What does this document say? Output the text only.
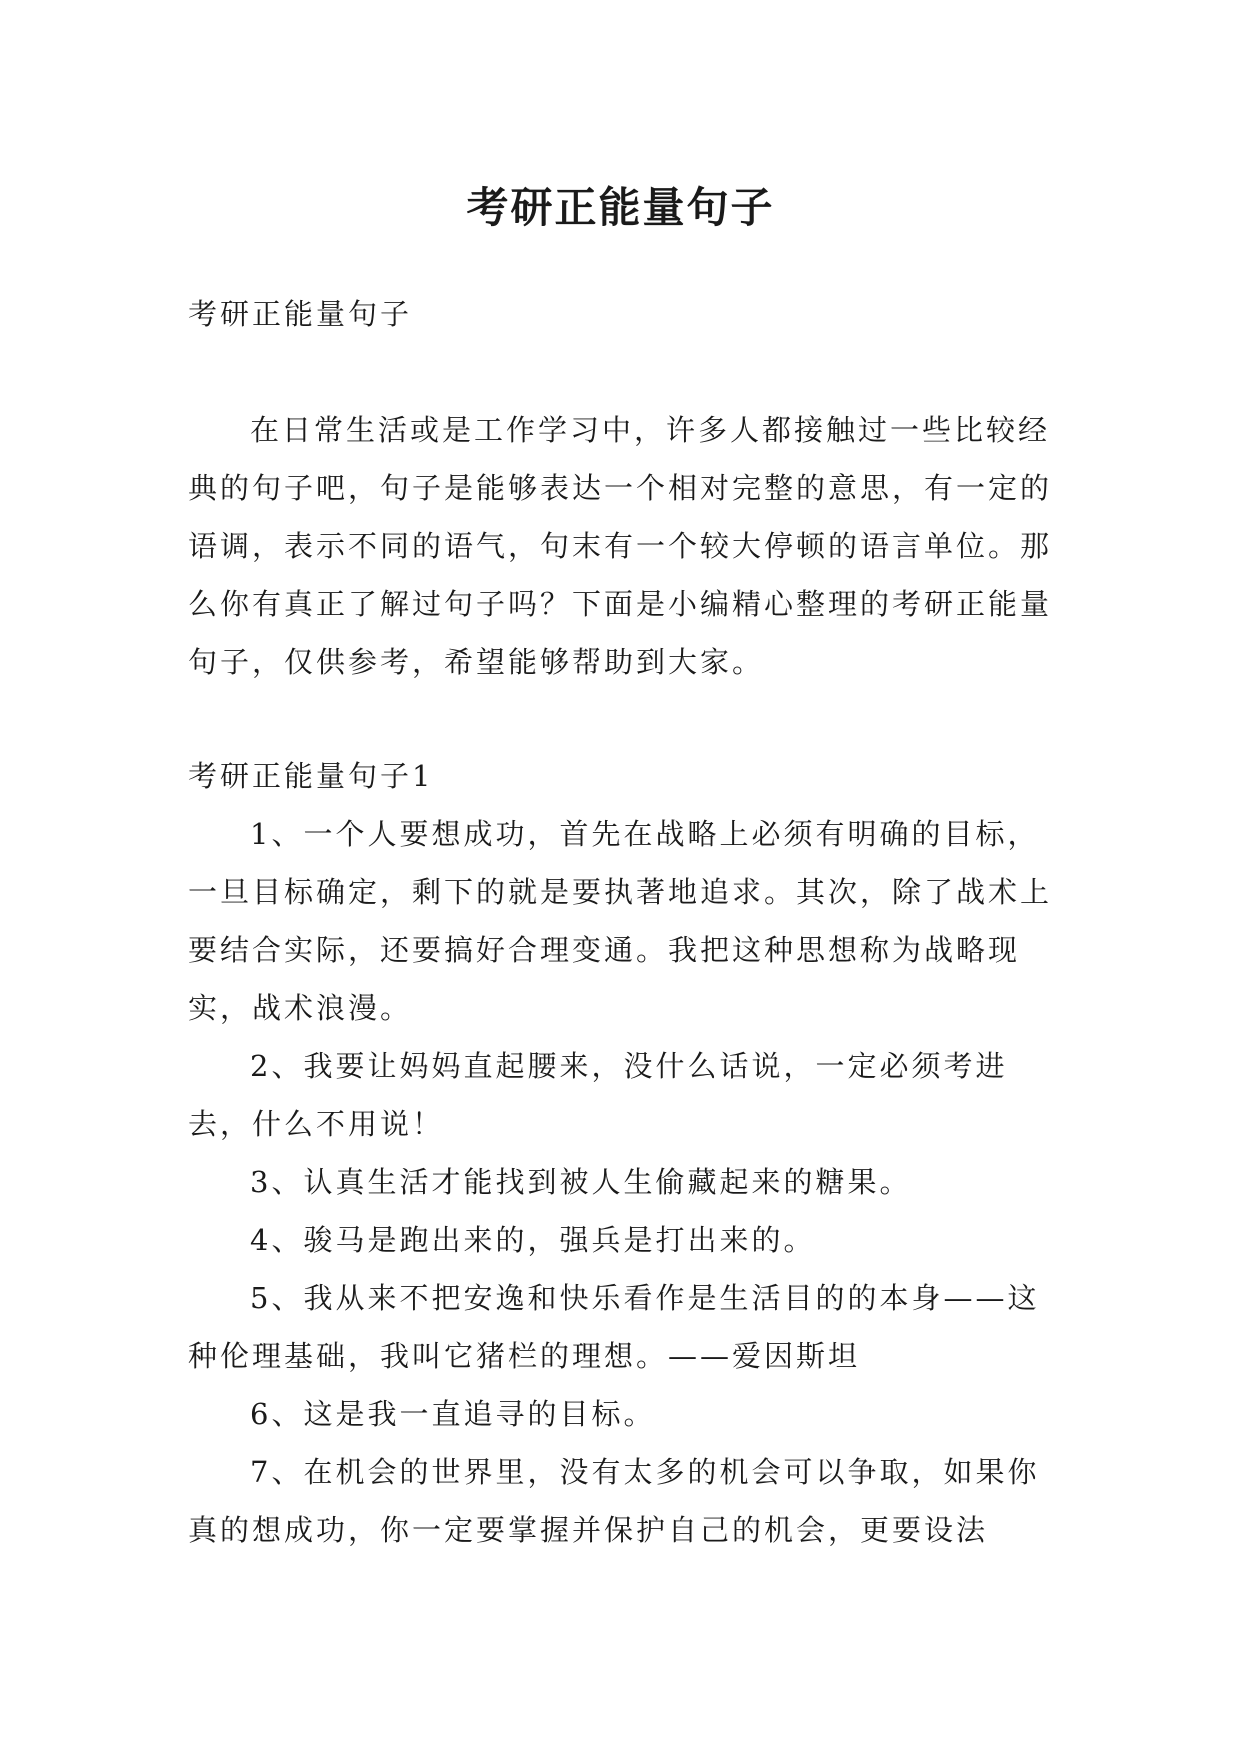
考研正能量句子

考研正能量句子

在日常生活或是工作学习中，许多人都接触过一些比较经典的句子吧，句子是能够表达一个相对完整的意思，有一定的语调，表示不同的语气，句末有一个较大停顿的语言单位。那么你有真正了解过句子吗？下面是小编精心整理的考研正能量句子，仅供参考，希望能够帮助到大家。

考研正能量句子1

1、一个人要想成功，首先在战略上必须有明确的目标，一旦目标确定，剩下的就是要执著地追求。其次，除了战术上要结合实际，还要搞好合理变通。我把这种思想称为战略现实，战术浪漫。

2、我要让妈妈直起腰来，没什么话说，一定必须考进去，什么不用说！

3、认真生活才能找到被人生偷藏起来的糖果。

4、骏马是跑出来的，强兵是打出来的。

5、我从来不把安逸和快乐看作是生活目的的本身——这种伦理基础，我叫它猪栏的理想。——爱因斯坦

6、这是我一直追寻的目标。

7、在机会的世界里，没有太多的机会可以争取，如果你真的想成功，你一定要掌握并保护自己的机会，更要设法
